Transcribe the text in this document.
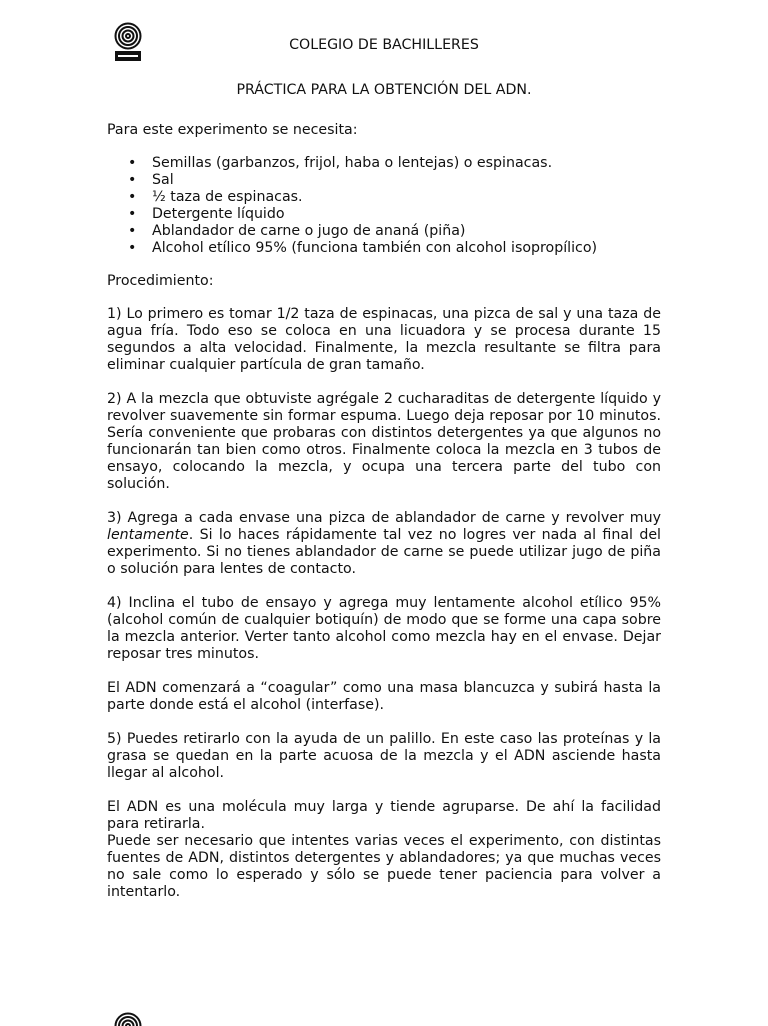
COLEGIO DE BACHILLERES
PRÁCTICA PARA LA OBTENCIÓN DEL ADN.

Para este experimento se necesita:

• Semillas (garbanzos, frijol, haba o lentejas) o espinacas.
• Sal
• ½ taza de espinacas.
• Detergente líquido
• Ablandador de carne o jugo de ananá (piña)
• Alcohol etílico 95% (funciona también con alcohol isopropílico)

Procedimiento:

1) Lo primero es tomar 1/2 taza de espinacas, una pizca de sal y una taza de agua fría. Todo eso se coloca en una licuadora y se procesa durante 15 segundos a alta velocidad. Finalmente, la mezcla resultante se filtra para eliminar cualquier partícula de gran tamaño.

2) A la mezcla que obtuviste agrégale 2 cucharaditas de detergente líquido y revolver suavemente sin formar espuma. Luego deja reposar por 10 minutos. Sería conveniente que probaras con distintos detergentes ya que algunos no funcionarán tan bien como otros. Finalmente coloca la mezcla en 3 tubos de ensayo, colocando la mezcla, y ocupa una tercera parte del tubo con solución.

3) Agrega a cada envase una pizca de ablandador de carne y revolver muy lentamente. Si lo haces rápidamente tal vez no logres ver nada al final del experimento. Si no tienes ablandador de carne se puede utilizar jugo de piña o solución para lentes de contacto.

4) Inclina el tubo de ensayo y agrega muy lentamente alcohol etílico 95% (alcohol común de cualquier botiquín) de modo que se forme una capa sobre la mezcla anterior. Verter tanto alcohol como mezcla hay en el envase. Dejar reposar tres minutos.

El ADN comenzará a “coagular” como una masa blancuzca y subirá hasta la parte donde está el alcohol (interfase).

5) Puedes retirarlo con la ayuda de un palillo. En este caso las proteínas y la grasa se quedan en la parte acuosa de la mezcla y el ADN asciende hasta llegar al alcohol.

El ADN es una molécula muy larga y tiende agruparse. De ahí la facilidad para retirarla.

Puede ser necesario que intentes varias veces el experimento, con distintas fuentes de ADN, distintos detergentes y ablandadores; ya que muchas veces no sale como lo esperado y sólo se puede tener paciencia para volver a intentarlo.
